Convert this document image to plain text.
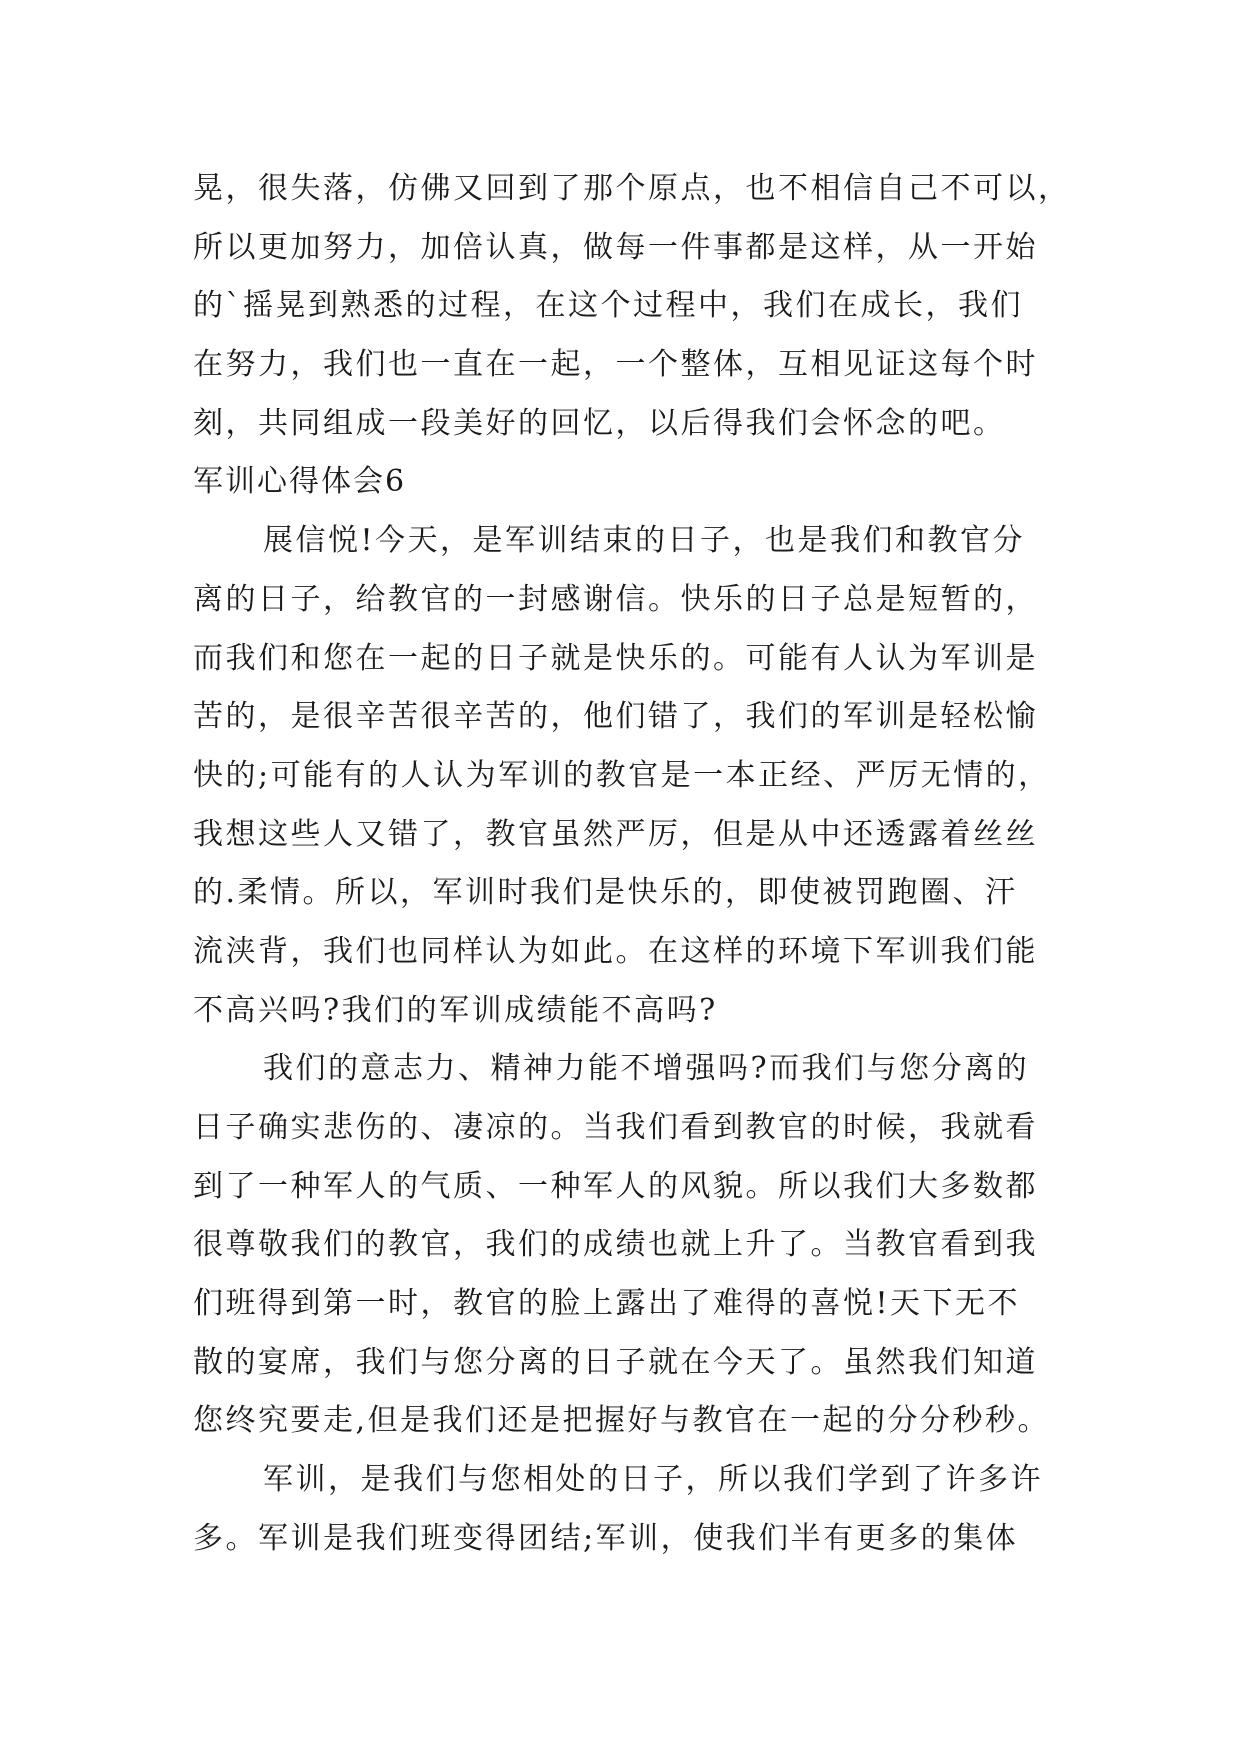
晃，很失落，仿佛又回到了那个原点，也不相信自己不可以，
所以更加努力，加倍认真，做每一件事都是这样，从一开始
的`摇晃到熟悉的过程，在这个过程中，我们在成长，我们
在努力，我们也一直在一起，一个整体，互相见证这每个时
刻，共同组成一段美好的回忆，以后得我们会怀念的吧。
军训心得体会6
展信悦!今天，是军训结束的日子，也是我们和教官分
离的日子，给教官的一封感谢信。快乐的日子总是短暂的，
而我们和您在一起的日子就是快乐的。可能有人认为军训是
苦的，是很辛苦很辛苦的，他们错了，我们的军训是轻松愉
快的;可能有的人认为军训的教官是一本正经、严厉无情的，
我想这些人又错了，教官虽然严厉，但是从中还透露着丝丝
的.柔情。所以，军训时我们是快乐的，即使被罚跑圈、汗
流浃背，我们也同样认为如此。在这样的环境下军训我们能
不高兴吗?我们的军训成绩能不高吗?
我们的意志力、精神力能不增强吗?而我们与您分离的
日子确实悲伤的、凄凉的。当我们看到教官的时候，我就看
到了一种军人的气质、一种军人的风貌。所以我们大多数都
很尊敬我们的教官，我们的成绩也就上升了。当教官看到我
们班得到第一时，教官的脸上露出了难得的喜悦!天下无不
散的宴席，我们与您分离的日子就在今天了。虽然我们知道
您终究要走,但是我们还是把握好与教官在一起的分分秒秒。
军训，是我们与您相处的日子，所以我们学到了许多许
多。军训是我们班变得团结;军训，使我们半有更多的集体
